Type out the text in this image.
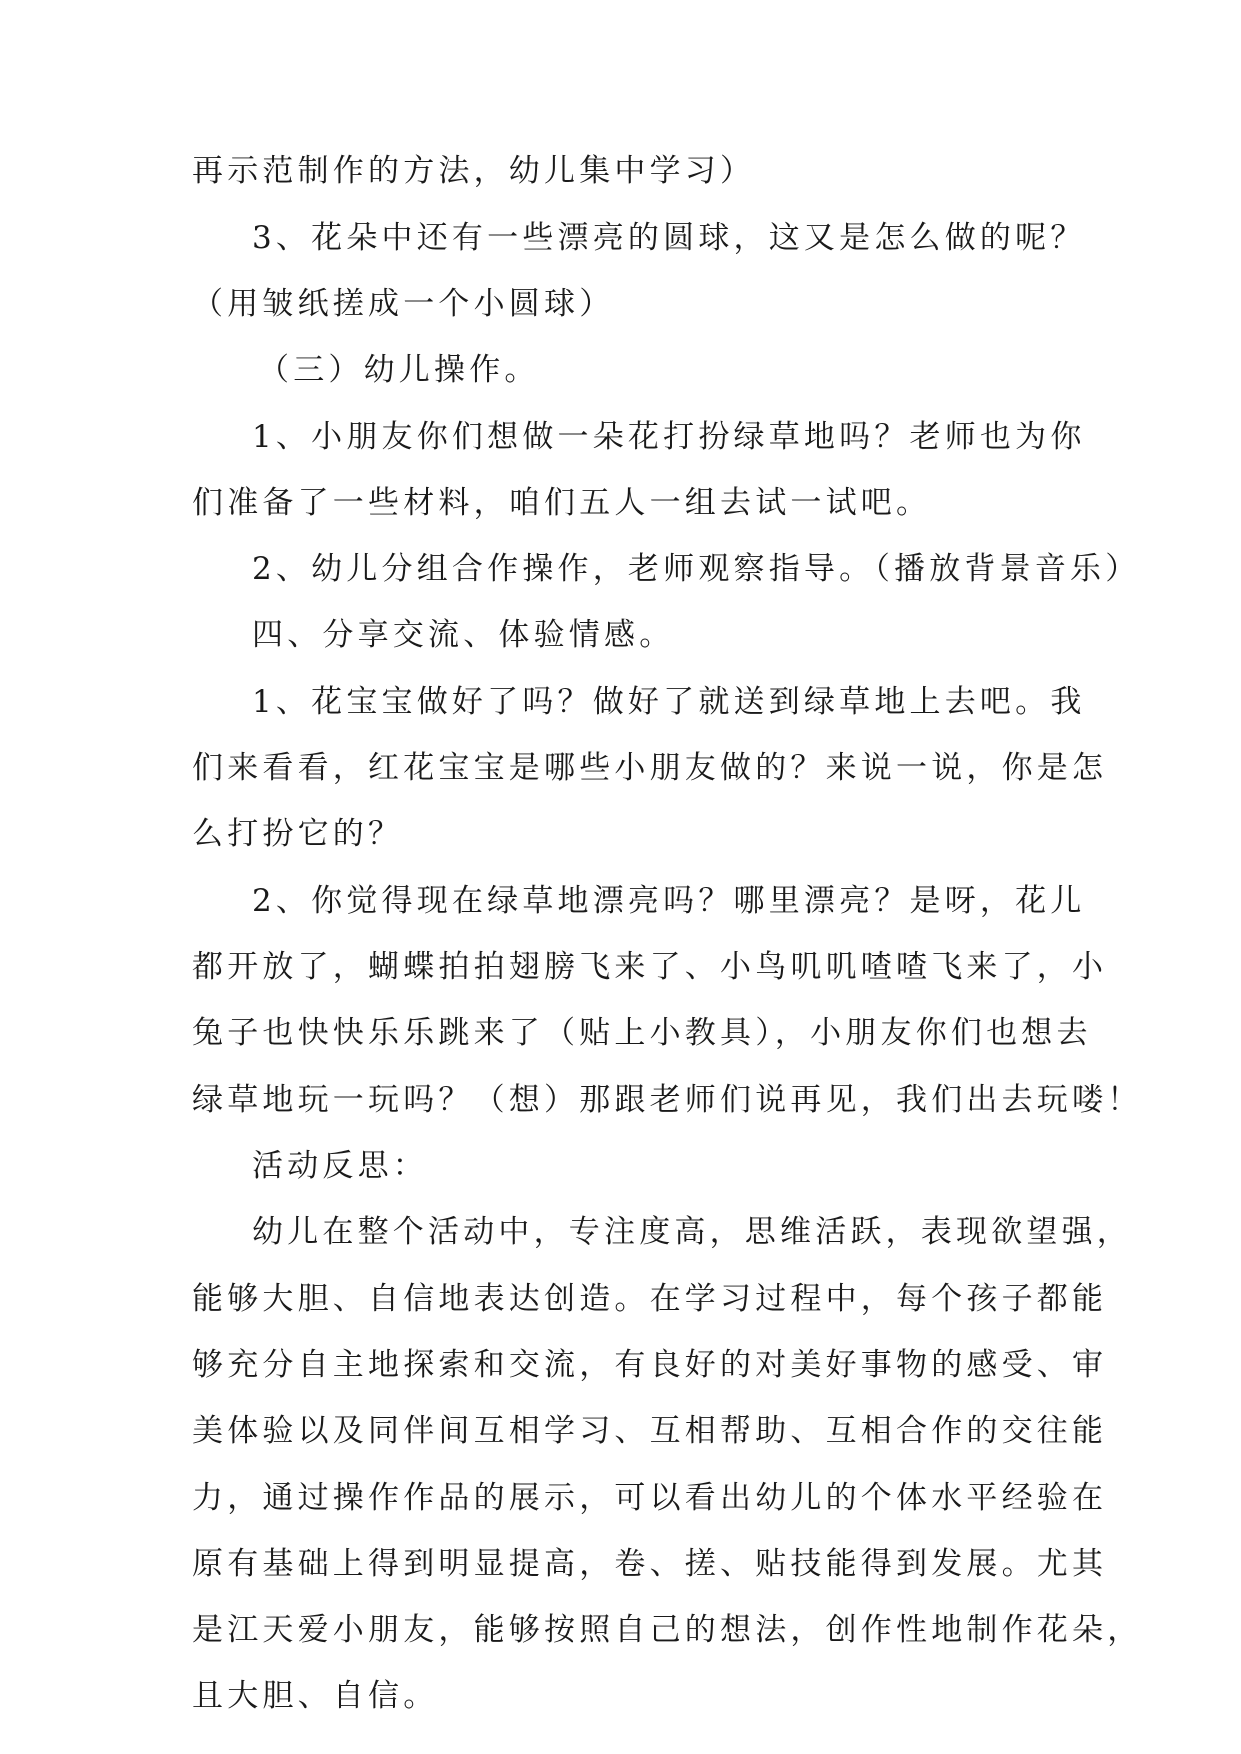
再示范制作的方法，幼儿集中学习）
3、花朵中还有一些漂亮的圆球，这又是怎么做的呢？
（用皱纸搓成一个小圆球）
（三）幼儿操作。
1、小朋友你们想做一朵花打扮绿草地吗？老师也为你
们准备了一些材料，咱们五人一组去试一试吧。
2、幼儿分组合作操作，老师观察指导。（播放背景音乐）
四、分享交流、体验情感。
1、花宝宝做好了吗？做好了就送到绿草地上去吧。我
们来看看，红花宝宝是哪些小朋友做的？来说一说，你是怎
么打扮它的？
2、你觉得现在绿草地漂亮吗？哪里漂亮？是呀，花儿
都开放了，蝴蝶拍拍翅膀飞来了、小鸟叽叽喳喳飞来了，小
兔子也快快乐乐跳来了（贴上小教具），小朋友你们也想去
绿草地玩一玩吗？（想）那跟老师们说再见，我们出去玩喽！
活动反思：
幼儿在整个活动中，专注度高，思维活跃，表现欲望强，
能够大胆、自信地表达创造。在学习过程中，每个孩子都能
够充分自主地探索和交流，有良好的对美好事物的感受、审
美体验以及同伴间互相学习、互相帮助、互相合作的交往能
力，通过操作作品的展示，可以看出幼儿的个体水平经验在
原有基础上得到明显提高，卷、搓、贴技能得到发展。尤其
是江天爱小朋友，能够按照自己的想法，创作性地制作花朵，
且大胆、自信。
